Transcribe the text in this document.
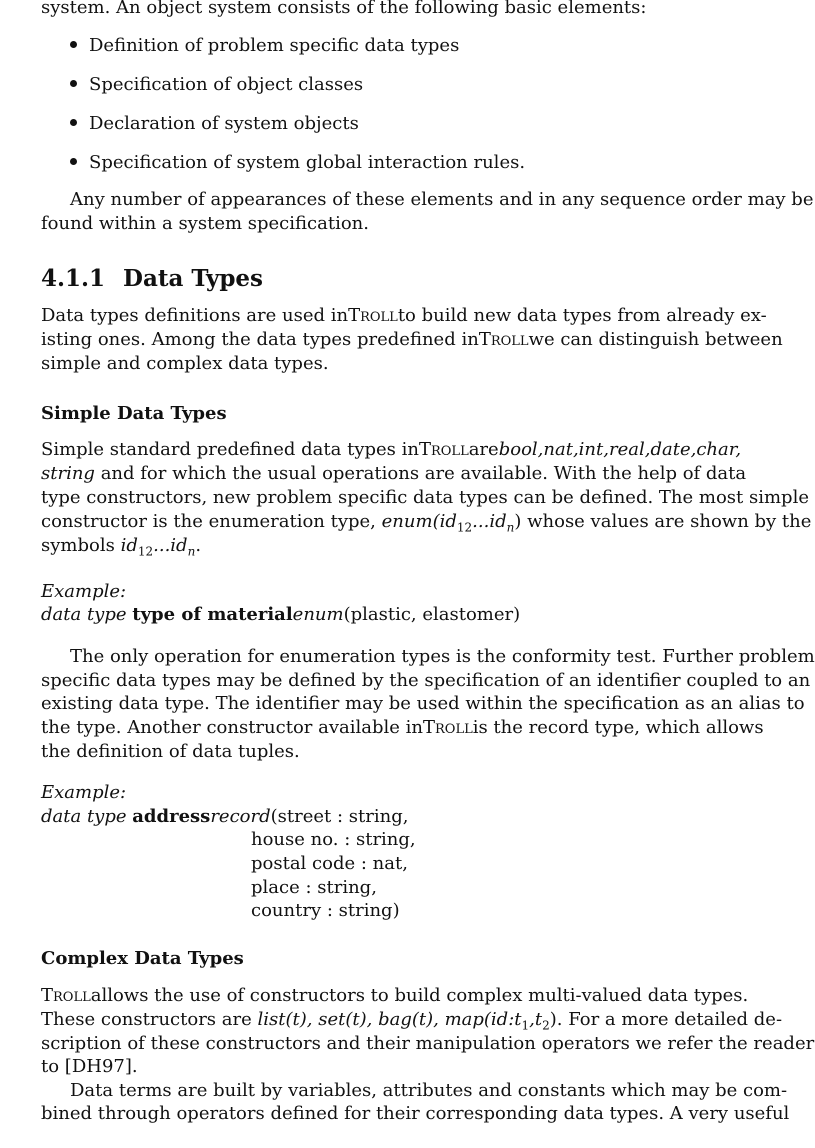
system. An object system consists of the following basic elements:
Definition of problem specific data types
Specification of object classes
Declaration of system objects
Specification of system global interaction rules.
Any number of appearances of these elements and in any sequence order may be
found within a system specification.
4.1.1 Data Types
Data types definitions are used in Troll to build new data types from already ex-
isting ones. Among the data types predefined in Troll we can distinguish between
simple and complex data types.
Simple Data Types
Simple standard predefined data types in Troll are bool, nat, int, real, date, char,
string and for which the usual operations are available. With the help of data
type constructors, new problem specific data types can be defined. The most simple
constructor is the enumeration type, $enum(id_{12}...id_n)$ whose values are shown by the
symbols $id_{12}...id_n$.
Example:
data type type of materialenum(plastic, elastomer)
The only operation for enumeration types is the conformity test. Further problem
specific data types may be defined by the specification of an identifier coupled to an
existing data type. The identifier may be used within the specification as an alias to
the type. Another constructor available in Troll is the record type, which allows
the definition of data tuples.
Example:
data type addressrecord(street : string,
house no. : string,
postal code : nat,
place : string,
country : string)
Complex Data Types
Troll allows the use of constructors to build complex multi-valued data types.
These constructors are list(t), set(t), bag(t), $map(id:t_1,t_2)$. For a more detailed de-
scription of these constructors and their manipulation operators we refer the reader
to [DH97].
Data terms are built by variables, attributes and constants which may be com-
bined through operators defined for their corresponding data types. A very useful
